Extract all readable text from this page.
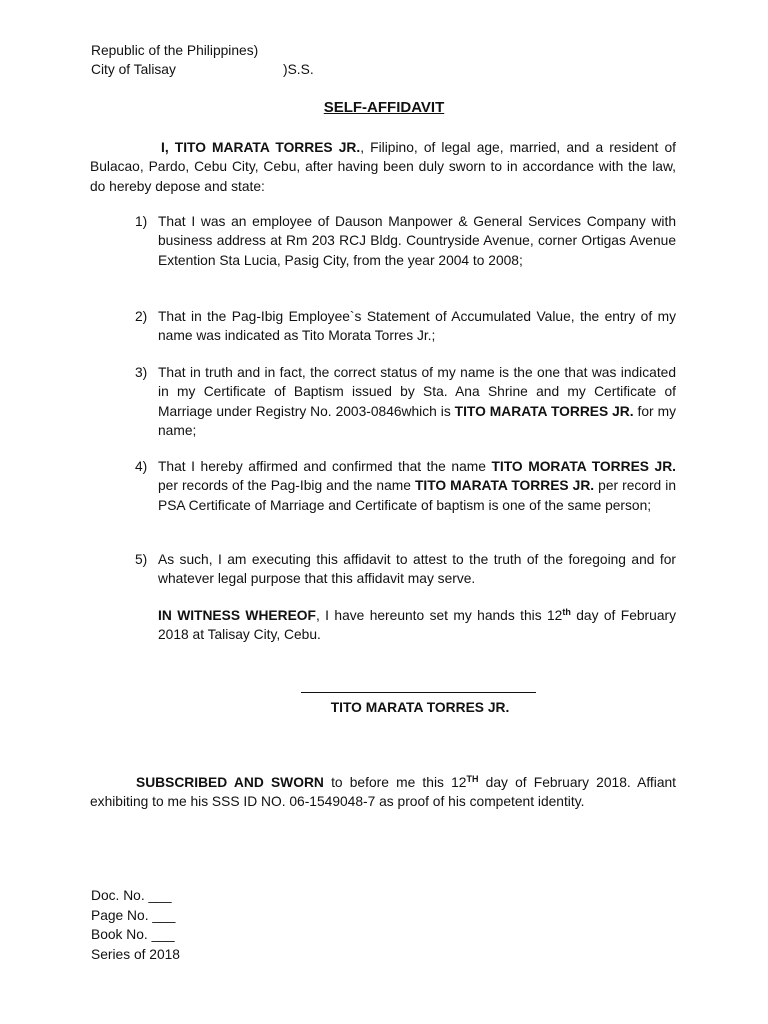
Republic of the Philippines)
City of Talisay	)S.S.
SELF-AFFIDAVIT
I, TITO MARATA TORRES JR., Filipino, of legal age, married, and a resident of Bulacao, Pardo, Cebu City, Cebu, after having been duly sworn to in accordance with the law, do hereby depose and state:
1) That I was an employee of Dauson Manpower & General Services Company with business address at Rm 203 RCJ Bldg. Countryside Avenue, corner Ortigas Avenue Extention Sta Lucia, Pasig City, from the year 2004 to 2008;
2) That in the Pag-Ibig Employee`s Statement of Accumulated Value, the entry of my name was indicated as Tito Morata Torres Jr.;
3) That in truth and in fact, the correct status of my name is the one that was indicated in my Certificate of Baptism issued by Sta. Ana Shrine and my Certificate of Marriage under Registry No. 2003-0846which is TITO MARATA TORRES JR. for my name;
4) That I hereby affirmed and confirmed that the name TITO MORATA TORRES JR. per records of the Pag-Ibig and the name TITO MARATA TORRES JR. per record in PSA Certificate of Marriage and Certificate of baptism is one of the same person;
5) As such, I am executing this affidavit to attest to the truth of the foregoing and for whatever legal purpose that this affidavit may serve.
IN WITNESS WHEREOF, I have hereunto set my hands this 12th day of February 2018 at Talisay City, Cebu.
TITO MARATA TORRES JR.
SUBSCRIBED AND SWORN to before me this 12TH day of February 2018. Affiant exhibiting to me his SSS ID NO. 06-1549048-7 as proof of his competent identity.
Doc. No. ___
Page No. ___
Book No. ___
Series of 2018
